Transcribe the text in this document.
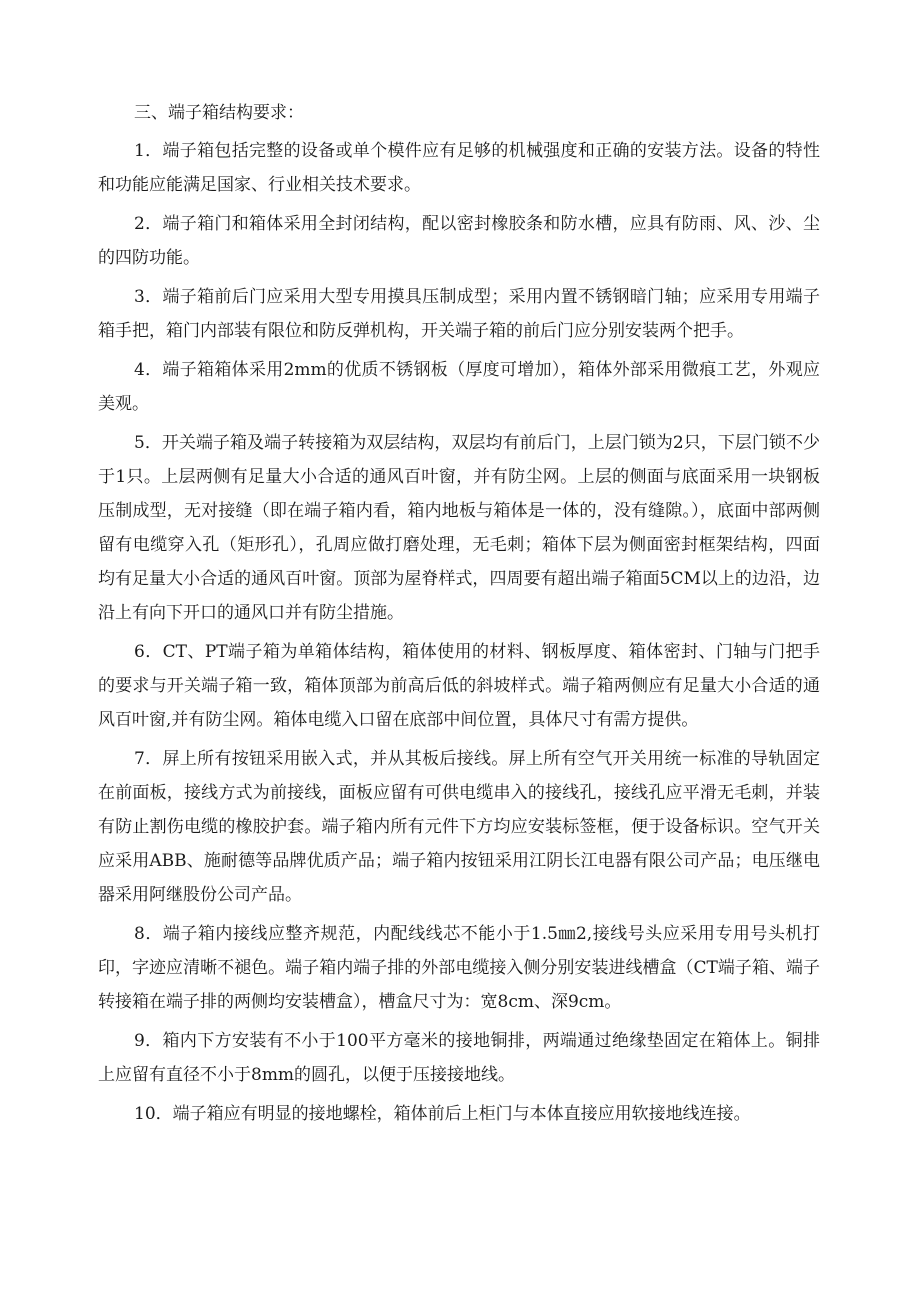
三、端子箱结构要求：

1．端子箱包括完整的设备或单个模件应有足够的机械强度和正确的安装方法。设备的特性和功能应能满足国家、行业相关技术要求。

2．端子箱门和箱体采用全封闭结构，配以密封橡胶条和防水槽，应具有防雨、风、沙、尘的四防功能。

3．端子箱前后门应采用大型专用摸具压制成型；采用内置不锈钢暗门轴；应采用专用端子箱手把，箱门内部装有限位和防反弹机构，开关端子箱的前后门应分别安装两个把手。

4．端子箱箱体采用2mm的优质不锈钢板（厚度可增加），箱体外部采用微痕工艺，外观应美观。

5．开关端子箱及端子转接箱为双层结构，双层均有前后门，上层门锁为2只，下层门锁不少于1只。上层两侧有足量大小合适的通风百叶窗，并有防尘网。上层的侧面与底面采用一块钢板压制成型，无对接缝（即在端子箱内看，箱内地板与箱体是一体的，没有缝隙。），底面中部两侧留有电缆穿入孔（矩形孔），孔周应做打磨处理，无毛刺；箱体下层为侧面密封框架结构，四面均有足量大小合适的通风百叶窗。顶部为屋脊样式，四周要有超出端子箱面5CM以上的边沿，边沿上有向下开口的通风口并有防尘措施。

6．CT、PT端子箱为单箱体结构，箱体使用的材料、钢板厚度、箱体密封、门轴与门把手的要求与开关端子箱一致，箱体顶部为前高后低的斜坡样式。端子箱两侧应有足量大小合适的通风百叶窗,并有防尘网。箱体电缆入口留在底部中间位置，具体尺寸有需方提供。

7．屏上所有按钮采用嵌入式，并从其板后接线。屏上所有空气开关用统一标准的导轨固定在前面板，接线方式为前接线，面板应留有可供电缆串入的接线孔，接线孔应平滑无毛刺，并装有防止割伤电缆的橡胶护套。端子箱内所有元件下方均应安装标签框，便于设备标识。空气开关应采用ABB、施耐德等品牌优质产品；端子箱内按钮采用江阴长江电器有限公司产品；电压继电器采用阿继股份公司产品。

8．端子箱内接线应整齐规范，内配线线芯不能小于1.5㎜2,接线号头应采用专用号头机打印，字迹应清晰不褪色。端子箱内端子排的外部电缆接入侧分别安装进线槽盒（CT端子箱、端子转接箱在端子排的两侧均安装槽盒），槽盒尺寸为：宽8cm、深9cm。

9．箱内下方安装有不小于100平方毫米的接地铜排，两端通过绝缘垫固定在箱体上。铜排上应留有直径不小于8mm的圆孔，以便于压接接地线。

10．端子箱应有明显的接地螺栓，箱体前后上柜门与本体直接应用软接地线连接。
